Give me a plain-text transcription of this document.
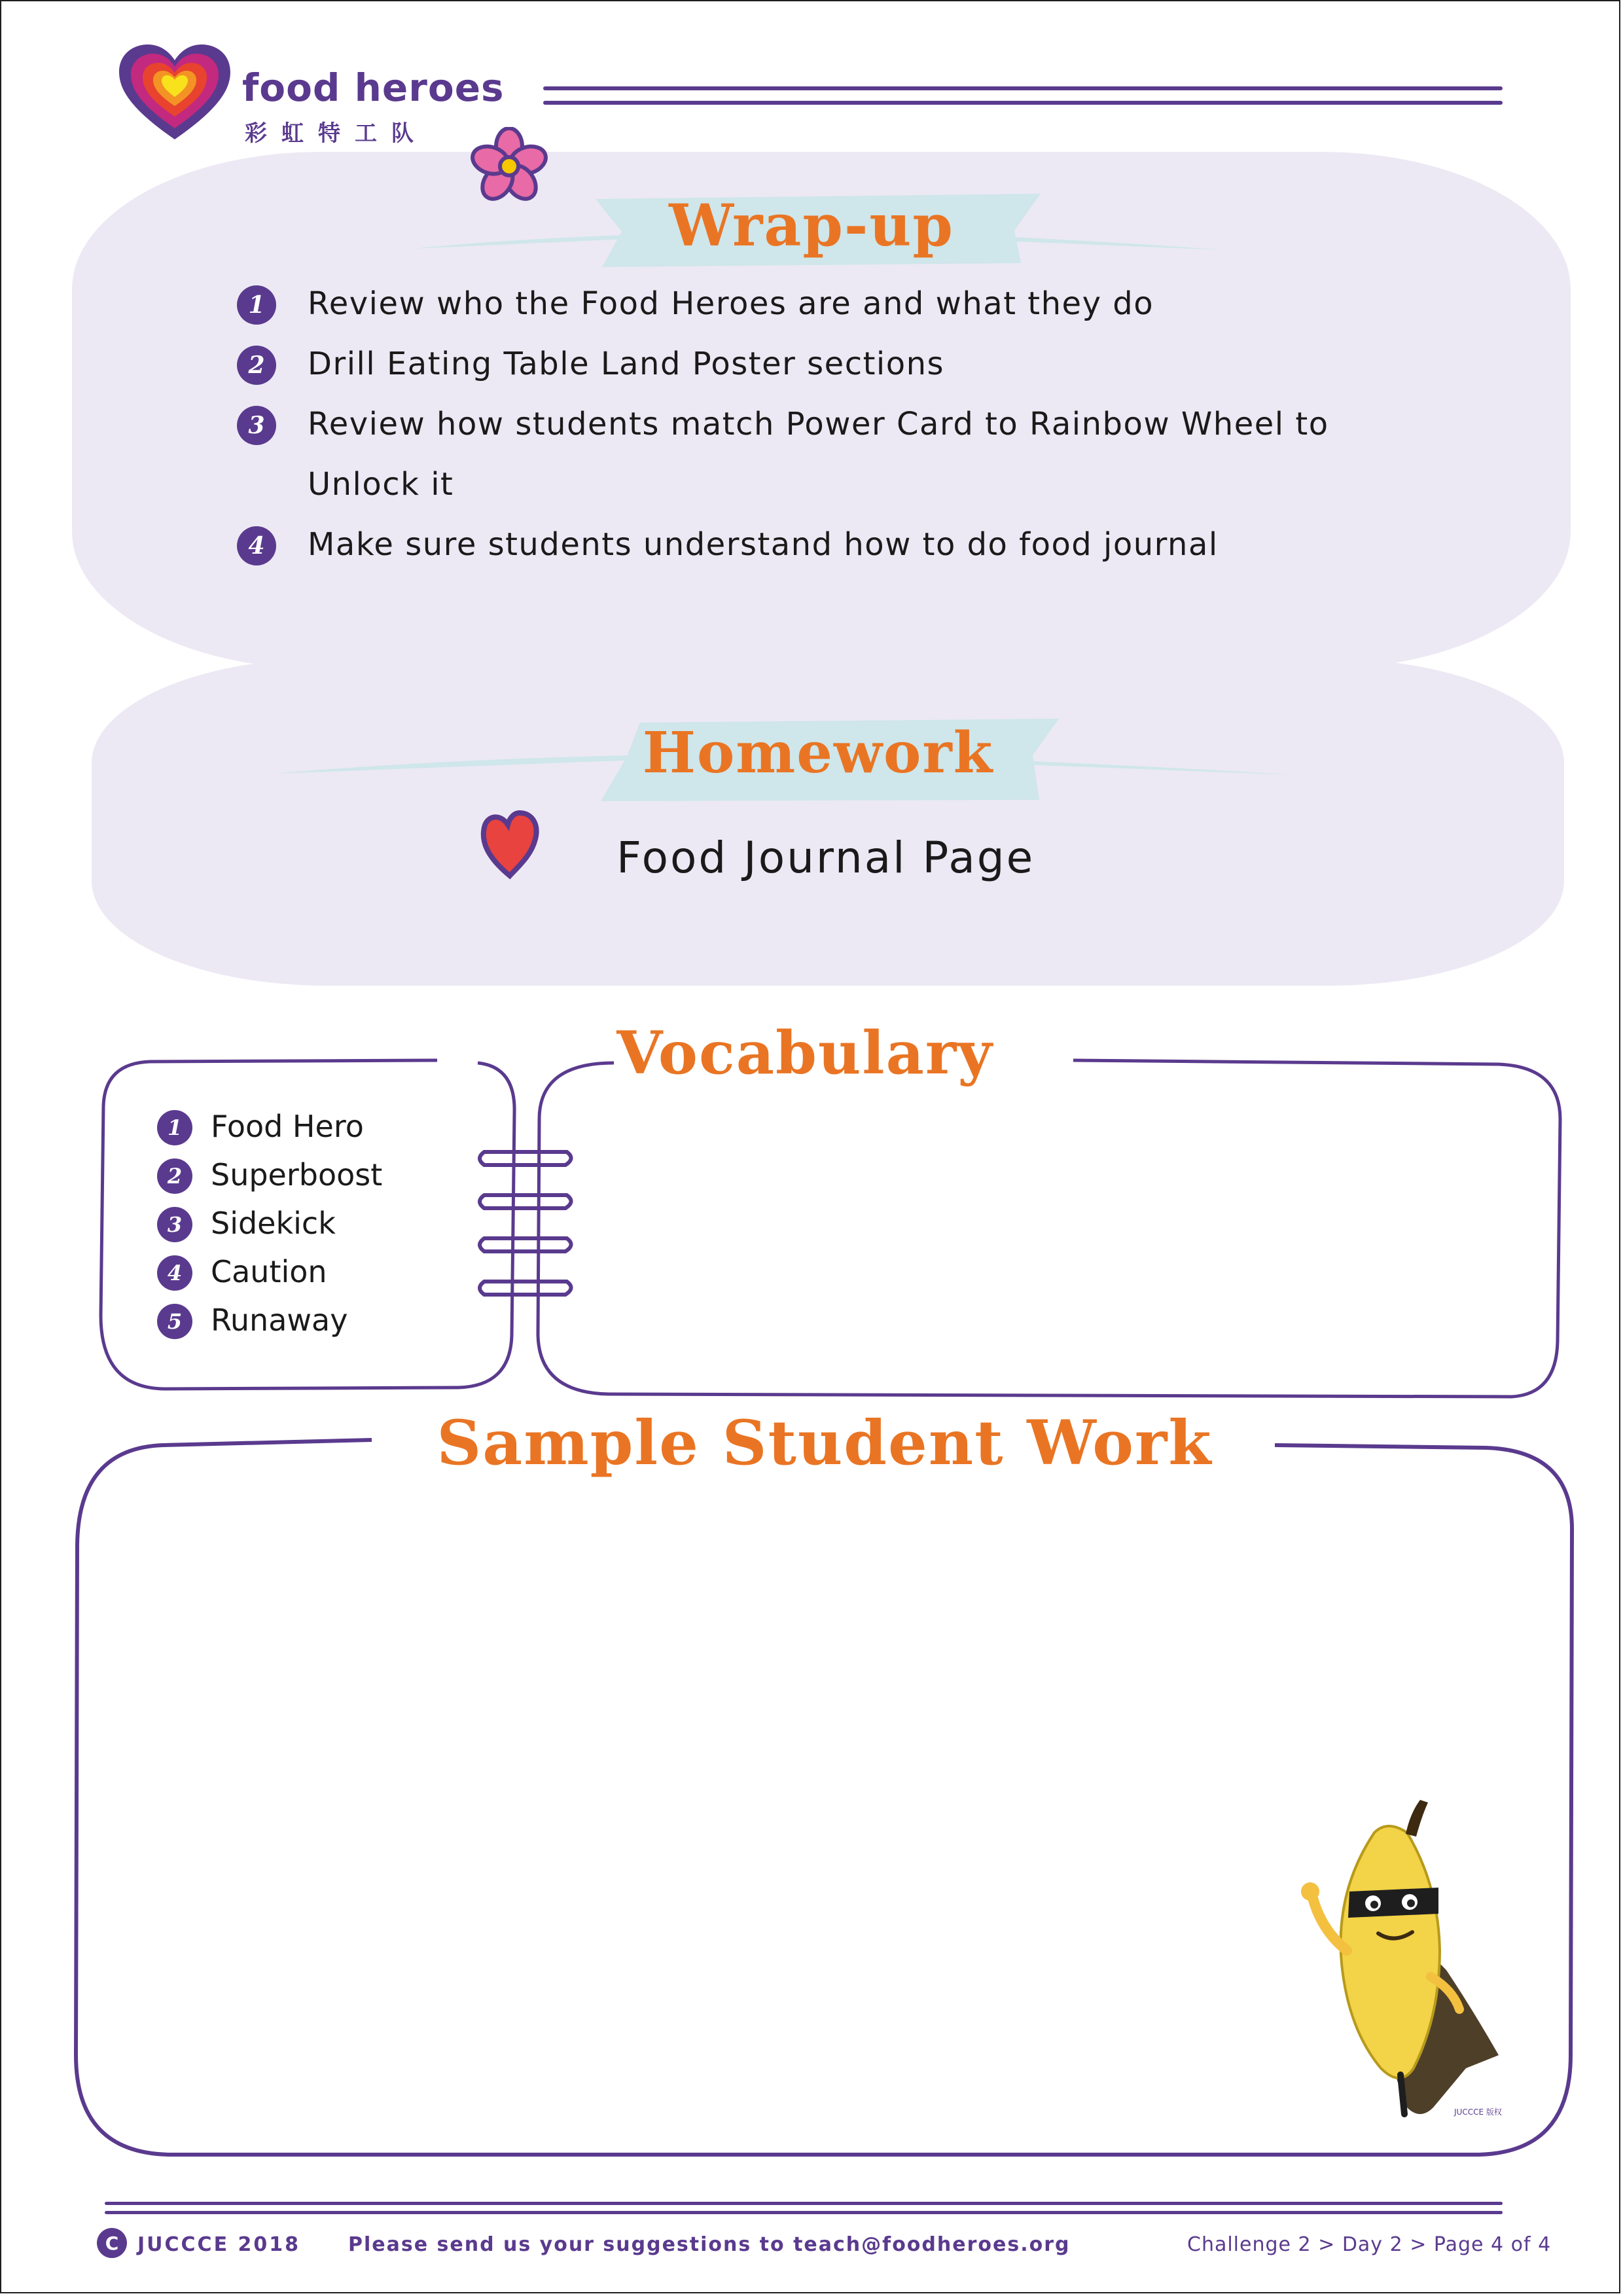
food heroes
彩虹特工队
Wrap-up
1	Review who the Food Heroes are and what they do
2	Drill Eating Table Land Poster sections
3	Review how students match Power Card to Rainbow Wheel to
Unlock it
4	Make sure students understand how to do food journal
Homework
Food Journal Page
Vocabulary
1 Food Hero
2 Superboost
3 Sidekick
4 Caution
5 Runaway
Sample Student Work
JUCCCE 版权
C JUCCCE 2018 Please send us your suggestions to teach@foodheroes.org	Challenge 2 > Day 2 > Page 4 of 4
